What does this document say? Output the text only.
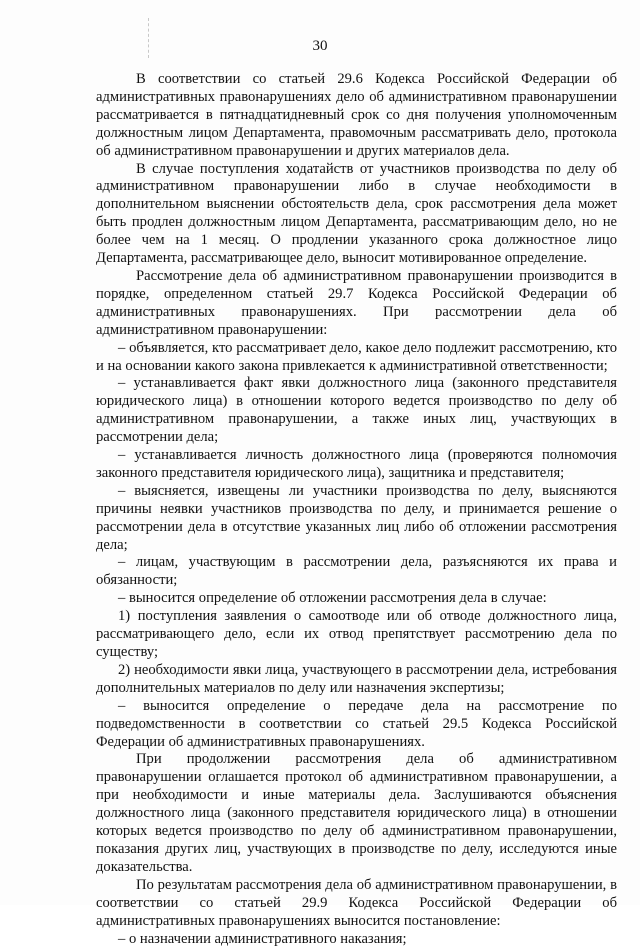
30

В соответствии со статьей 29.6 Кодекса Российской Федерации об административных правонарушениях дело об административном правонарушении рассматривается в пятнадцатидневный срок со дня получения уполномоченным должностным лицом Департамента, правомочным рассматривать дело, протокола об административном правонарушении и других материалов дела.

В случае поступления ходатайств от участников производства по делу об административном правонарушении либо в случае необходимости в дополнительном выяснении обстоятельств дела, срок рассмотрения дела может быть продлен должностным лицом Департамента, рассматривающим дело, но не более чем на 1 месяц. О продлении указанного срока должностное лицо Департамента, рассматривающее дело, выносит мотивированное определение.

Рассмотрение дела об административном правонарушении производится в порядке, определенном статьей 29.7 Кодекса Российской Федерации об административных правонарушениях. При рассмотрении дела об административном правонарушении:

– объявляется, кто рассматривает дело, какое дело подлежит рассмотрению, кто и на основании какого закона привлекается к административной ответственности;

– устанавливается факт явки должностного лица (законного представителя юридического лица) в отношении которого ведется производство по делу об административном правонарушении, а также иных лиц, участвующих в рассмотрении дела;

– устанавливается личность должностного лица (проверяются полномочия законного представителя юридического лица), защитника и представителя;

– выясняется, извещены ли участники производства по делу, выясняются причины неявки участников производства по делу, и принимается решение о рассмотрении дела в отсутствие указанных лиц либо об отложении рассмотрения дела;

– лицам, участвующим в рассмотрении дела, разъясняются их права и обязанности;

– выносится определение об отложении рассмотрения дела в случае:

1) поступления заявления о самоотводе или об отводе должностного лица, рассматривающего дело, если их отвод препятствует рассмотрению дела по существу;

2) необходимости явки лица, участвующего в рассмотрении дела, истребования дополнительных материалов по делу или назначения экспертизы;

– выносится определение о передаче дела на рассмотрение по подведомственности в соответствии со статьей 29.5 Кодекса Российской Федерации об административных правонарушениях.

При продолжении рассмотрения дела об административном правонарушении оглашается протокол об административном правонарушении, а при необходимости и иные материалы дела. Заслушиваются объяснения должностного лица (законного представителя юридического лица) в отношении которых ведется производство по делу об административном правонарушении, показания других лиц, участвующих в производстве по делу, исследуются иные доказательства.

По результатам рассмотрения дела об административном правонарушении, в соответствии со статьей 29.9 Кодекса Российской Федерации об административных правонарушениях выносится постановление:

– о назначении административного наказания;
